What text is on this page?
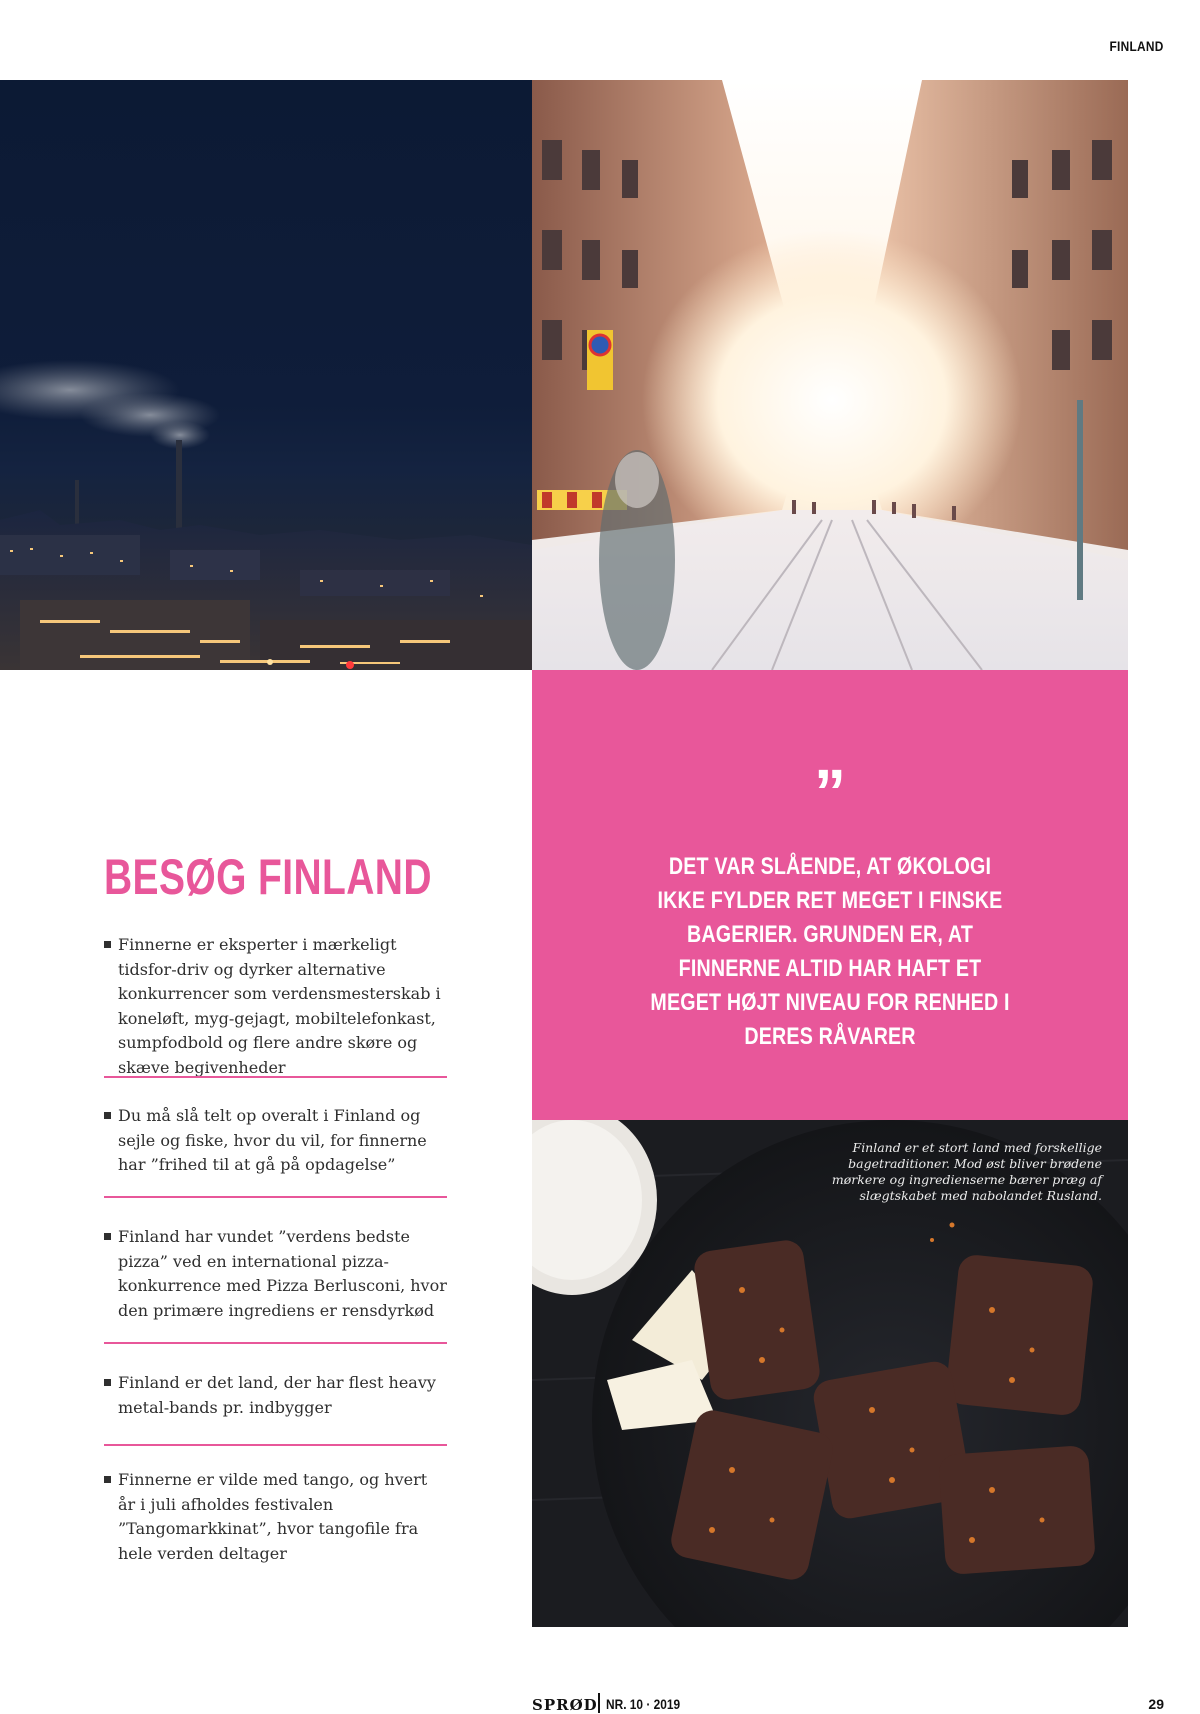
FINLAND
”
DET VAR SLÅENDE, AT ØKOLOGI IKKE FYLDER RET MEGET I FINSKE BAGERIER. GRUNDEN ER, AT FINNERNE ALTID HAR HAFT ET MEGET HØJT NIVEAU FOR RENHED I DERES RÅVARER
Finland er et stort land med forskellige bagetraditioner. Mod øst bliver brødene mørkere og ingredienserne bærer præg af slægtskabet med nabolandet Rusland.
BESØG FINLAND
Finnerne er eksperter i mærkeligt tidsfor-driv og dyrker alternative konkurrencer som verdensmesterskab i koneløft, myg-gejagt, mobiltelefonkast, sumpfodbold og flere andre skøre og skæve begivenheder
Du må slå telt op overalt i Finland og sejle og fiske, hvor du vil, for finnerne har ”frihed til at gå på opdagelse”
Finland har vundet ”verdens bedste pizza” ved en international pizza-konkurrence med Pizza Berlusconi, hvor den primære ingrediens er rensdyrkød
Finland er det land, der har flest heavy metal-bands pr. indbygger
Finnerne er vilde med tango, og hvert år i juli afholdes festivalen ”Tangomarkkinat”, hvor tangofile fra hele verden deltager
SPRØD NR. 10 · 2019	29
